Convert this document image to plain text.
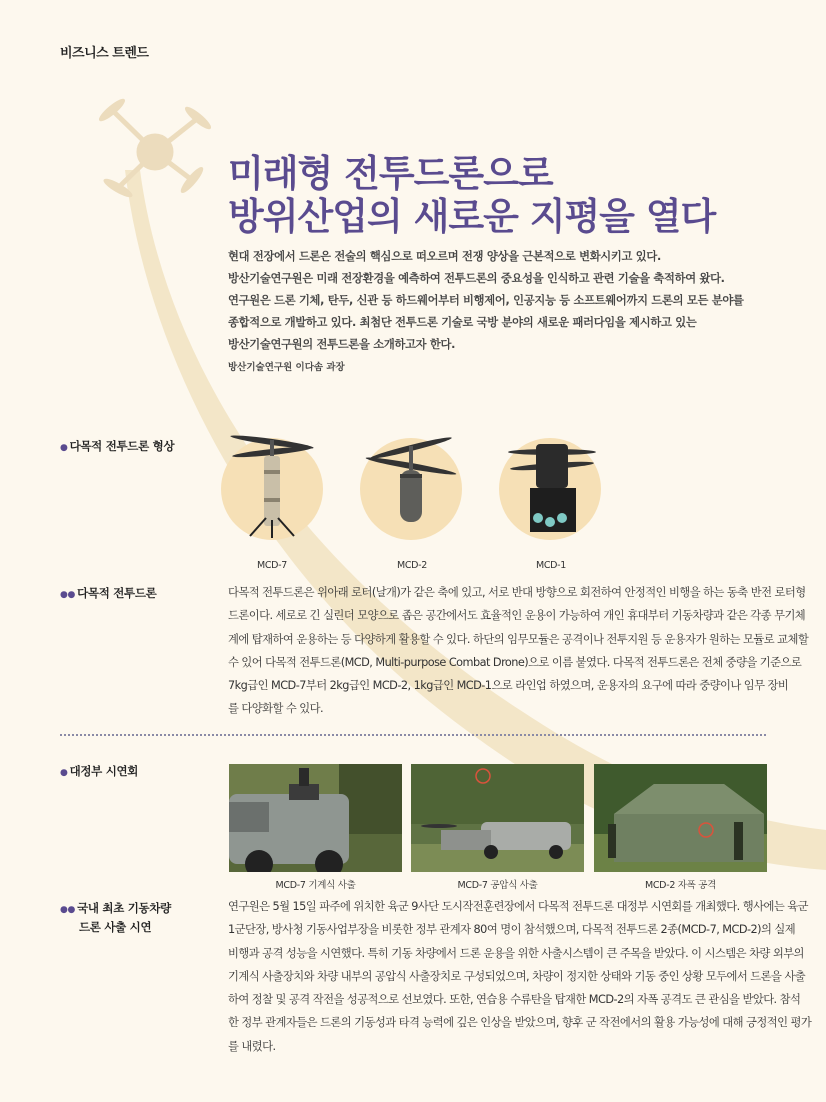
비즈니스 트렌드
미래형 전투드론으로
방위산업의 새로운 지평을 열다
현대 전장에서 드론은 전술의 핵심으로 떠오르며 전쟁 양상을 근본적으로 변화시키고 있다.
방산기술연구원은 미래 전장환경을 예측하여 전투드론의 중요성을 인식하고 관련 기술을 축적하여 왔다.
연구원은 드론 기체, 탄두, 신관 등 하드웨어부터 비행제어, 인공지능 등 소프트웨어까지 드론의 모든 분야를
종합적으로 개발하고 있다. 최첨단 전투드론 기술로 국방 분야의 새로운 패러다임을 제시하고 있는
방산기술연구원의 전투드론을 소개하고자 한다.
방산기술연구원 이다솜 과장
● 다목적 전투드론 형상
MCD-7	MCD-2	MCD-1
●● 다목적 전투드론	다목적 전투드론은 위아래 로터(날개)가 같은 축에 있고, 서로 반대 방향으로 회전하여 안정적인 비행을 하는 동축 반전 로터형
드론이다. 세로로 긴 실린더 모양으로 좁은 공간에서도 효율적인 운용이 가능하여 개인 휴대부터 기동차량과 같은 각종 무기체
계에 탑재하여 운용하는 등 다양하게 활용할 수 있다. 하단의 임무모듈은 공격이나 전투지원 등 운용자가 원하는 모듈로 교체할
수 있어 다목적 전투드론(MCD, Multi-purpose Combat Drone)으로 이름 붙였다. 다목적 전투드론은 전체 중량을 기준으로
7kg급인 MCD-7부터 2kg급인 MCD-2, 1kg급인 MCD-1으로 라인업 하였으며, 운용자의 요구에 따라 중량이나 임무 장비
를 다양화할 수 있다.
● 대정부 시연회
MCD-7 기계식 사출	MCD-7 공압식 사출	MCD-2 자폭 공격
●● 국내 최초 기동차량
드론 사출 시연
연구원은 5월 15일 파주에 위치한 육군 9사단 도시작전훈련장에서 다목적 전투드론 대정부 시연회를 개최했다. 행사에는 육군
1군단장, 방사청 기동사업부장을 비롯한 정부 관계자 80여 명이 참석했으며, 다목적 전투드론 2종(MCD-7, MCD-2)의 실제
비행과 공격 성능을 시연했다. 특히 기동 차량에서 드론 운용을 위한 사출시스템이 큰 주목을 받았다. 이 시스템은 차량 외부의
기계식 사출장치와 차량 내부의 공압식 사출장치로 구성되었으며, 차량이 정지한 상태와 기동 중인 상황 모두에서 드론을 사출
하여 정찰 및 공격 작전을 성공적으로 선보였다. 또한, 연습용 수류탄을 탑재한 MCD-2의 자폭 공격도 큰 관심을 받았다. 참석
한 정부 관계자들은 드론의 기동성과 타격 능력에 깊은 인상을 받았으며, 향후 군 작전에서의 활용 가능성에 대해 긍정적인 평가
를 내렸다.
